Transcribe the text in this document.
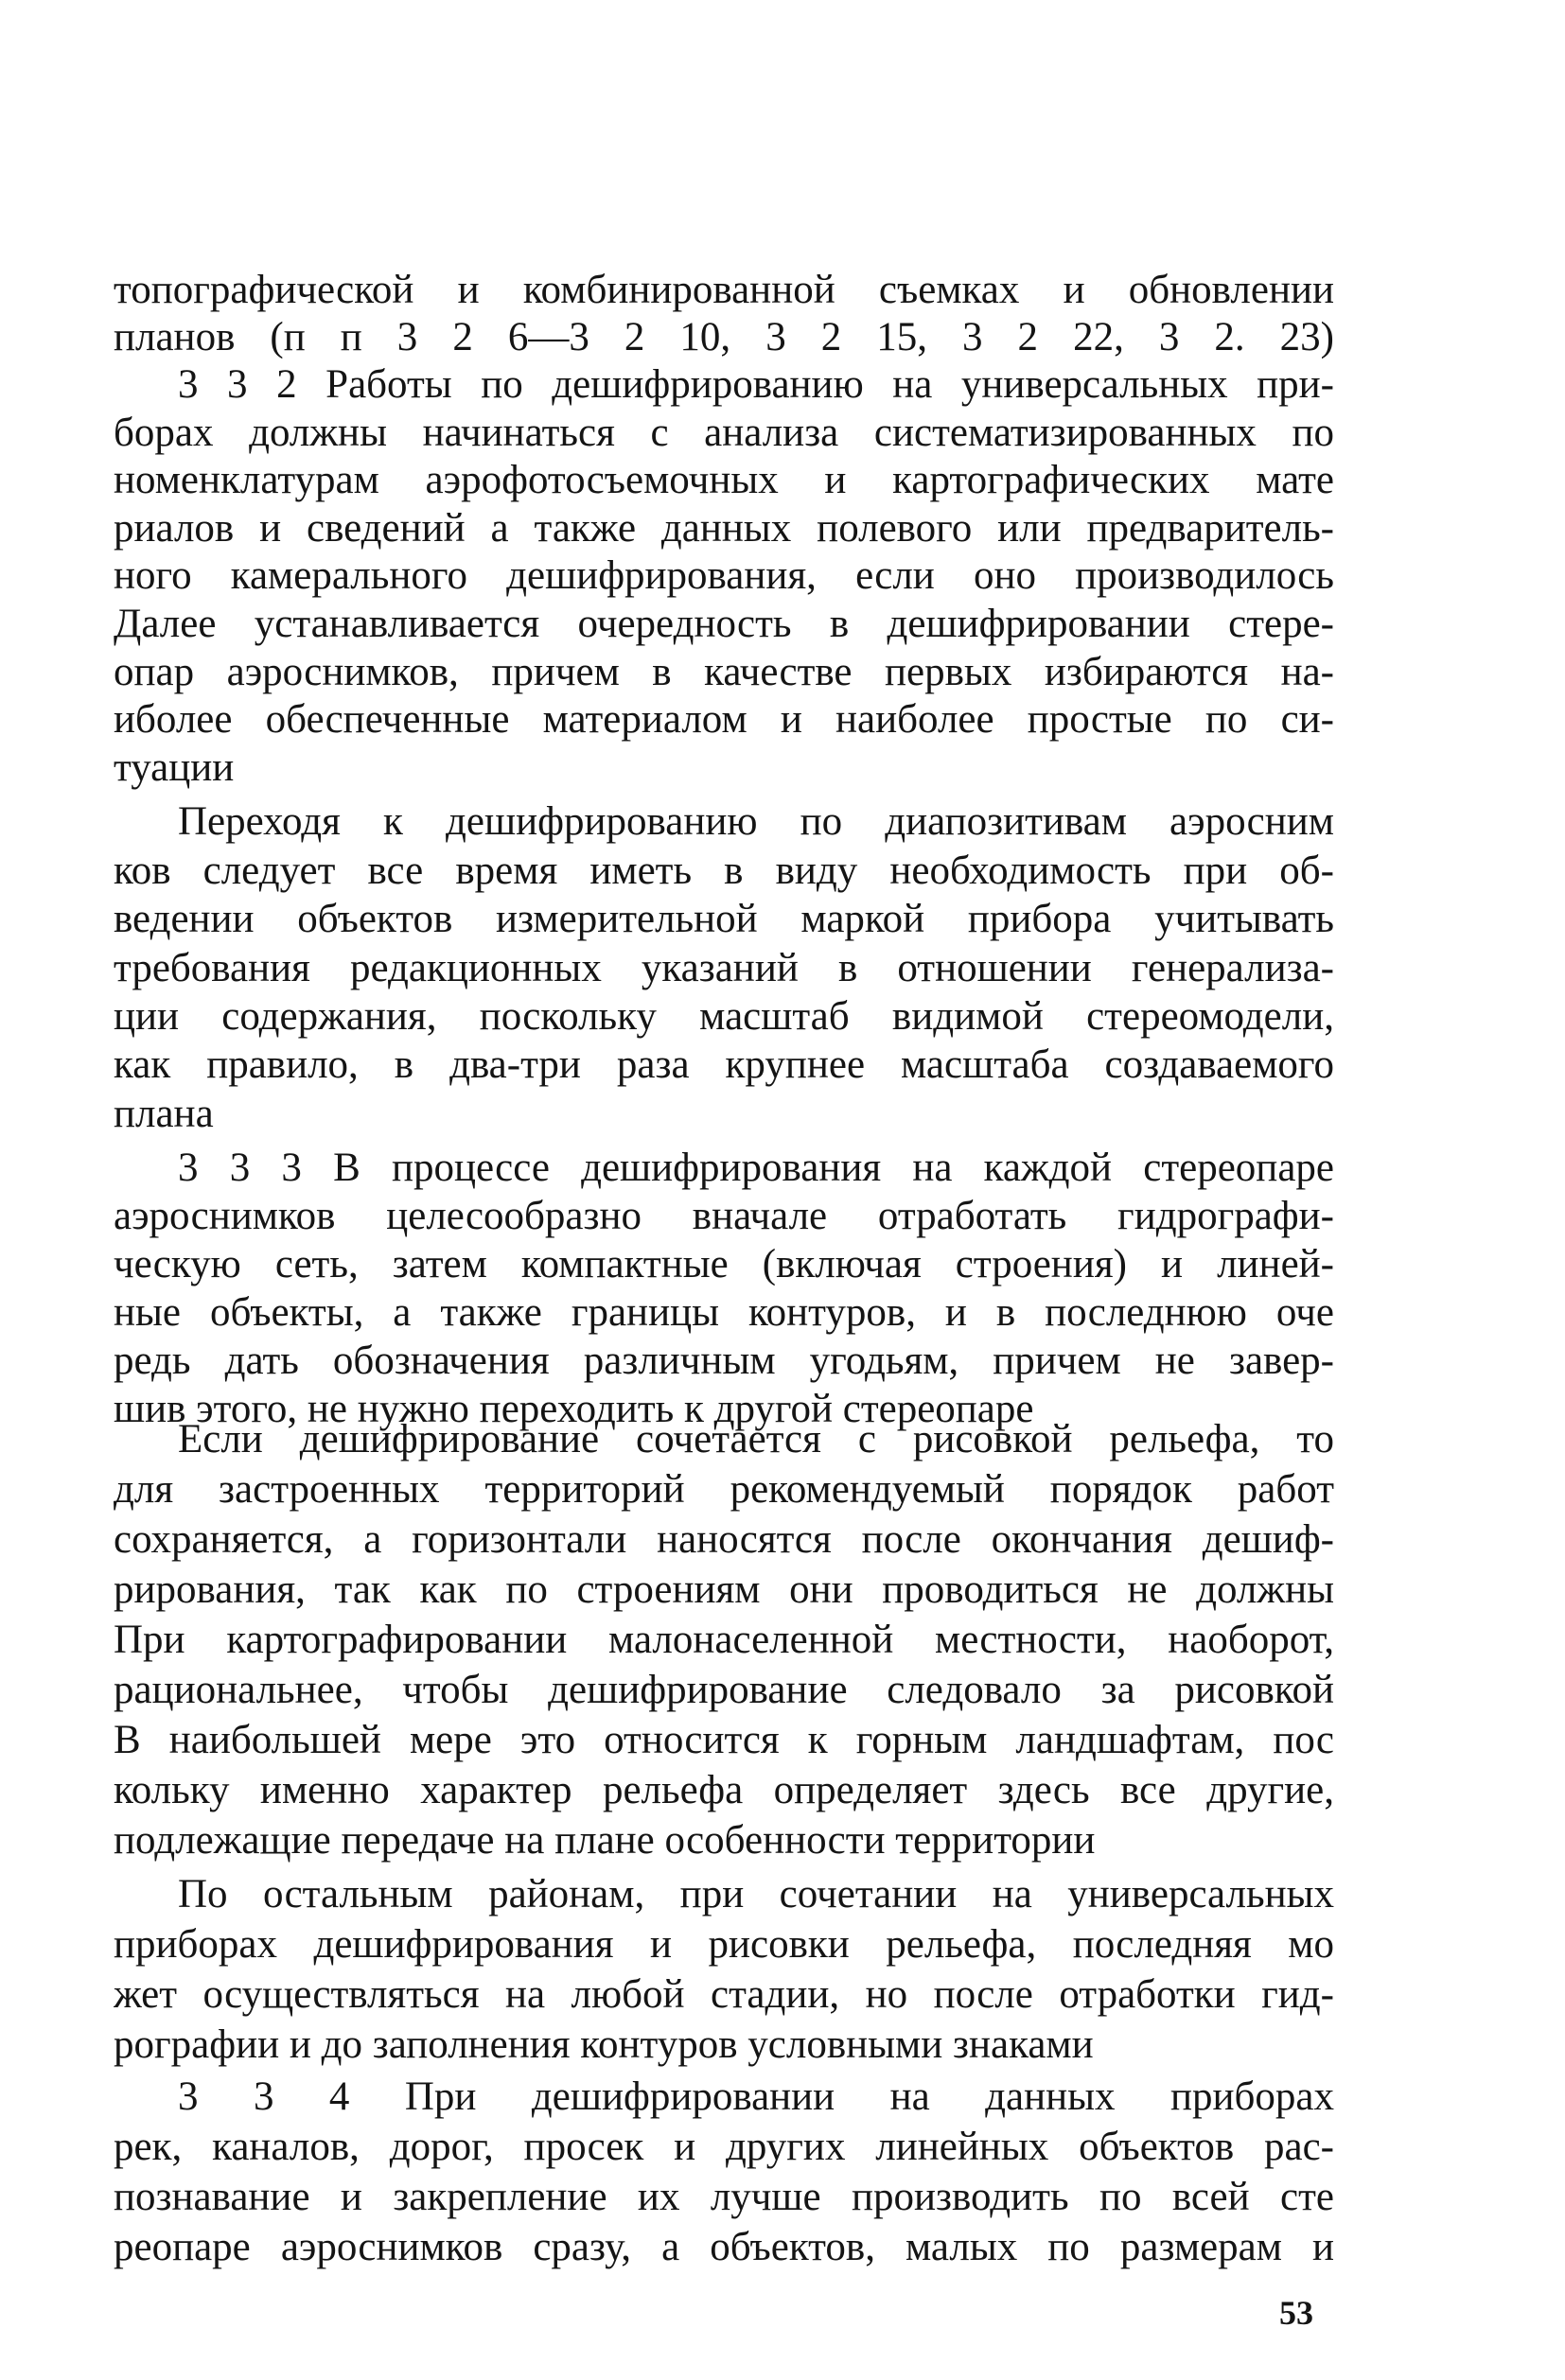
топографической и комбинированной съемках и обновлении
планов (п п 3 2 6—3 2 10, 3 2 15, 3 2 22, 3 2. 23)
3 3 2 Работы по дешифрированию на универсальных при-
борах должны начинаться с анализа систематизированных по
номенклатурам аэрофотосъемочных и картографических мате
риалов и сведений а также данных полевого или предваритель-
ного камерального дешифрирования, если оно производилось
Далее устанавливается очередность в дешифрировании стере-
опар аэроснимков, причем в качестве первых избираются на-
иболее обеспеченные материалом и наиболее простые по си-
туации
Переходя к дешифрированию по диапозитивам аэросним
ков следует все время иметь в виду необходимость при об-
ведении объектов измерительной маркой прибора учитывать
требования редакционных указаний в отношении генерализа-
ции содержания, поскольку масштаб видимой стереомодели,
как правило, в два-три раза крупнее масштаба создаваемого
плана
3 3 3 В процессе дешифрирования на каждой стереопаре
аэроснимков целесообразно вначале отработать гидрографи-
ческую сеть, затем компактные (включая строения) и линей-
ные объекты, а также границы контуров, и в последнюю оче
редь дать обозначения различным угодьям, причем не завер-
шив этого, не нужно переходить к другой стереопаре
Если дешифрирование сочетается с рисовкой рельефа, то
для застроенных территорий рекомендуемый порядок работ
сохраняется, а горизонтали наносятся после окончания дешиф-
рирования, так как по строениям они проводиться не должны
При картографировании малонаселенной местности, наоборот,
рациональнее, чтобы дешифрирование следовало за рисовкой
В наибольшей мере это относится к горным ландшафтам, пос
кольку именно характер рельефа определяет здесь все другие,
подлежащие передаче на плане особенности территории
По остальным районам, при сочетании на универсальных
приборах дешифрирования и рисовки рельефа, последняя мо
жет осуществляться на любой стадии, но после отработки гид-
рографии и до заполнения контуров условными знаками
3 3 4 При дешифрировании на данных приборах
рек, каналов, дорог, просек и других линейных объектов рас-
познавание и закрепление их лучше производить по всей сте
реопаре аэроснимков сразу, а объектов, малых по размерам и
53
